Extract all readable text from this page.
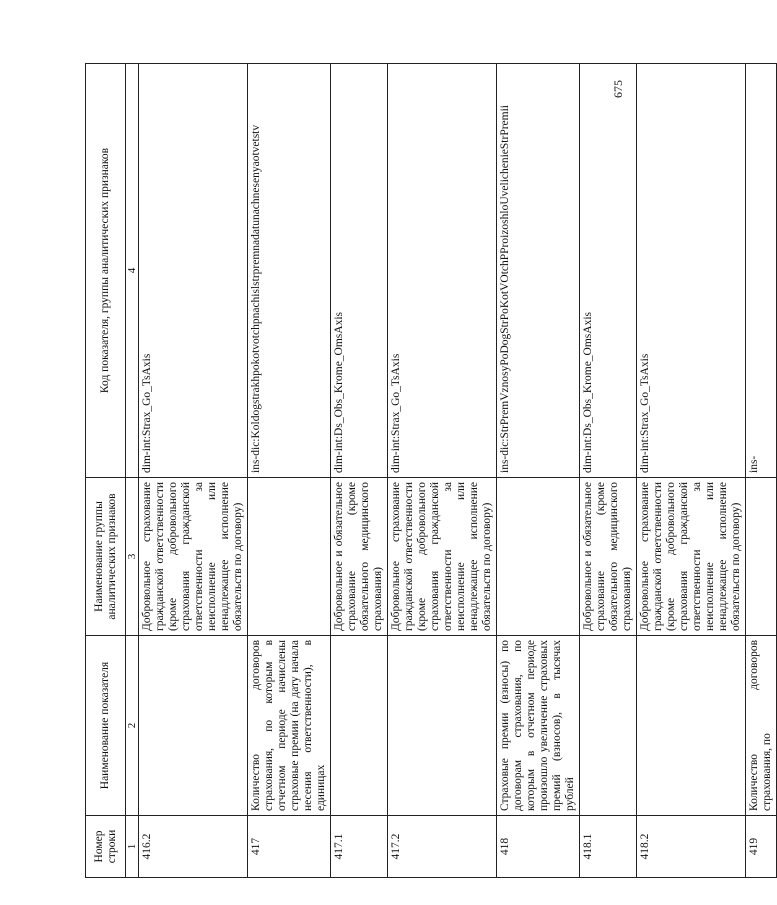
675
Номер строки	Наименование показателя	Наименование группы аналитических признаков	Код показателя, группы аналитических признаков
1	2	3	4
416.2		Добровольное страхование гражданской ответственности (кроме добровольного страхования гражданской ответственности за неисполнение или ненадлежащее исполнение обязательств по договору)	dim-int:Strax_Go_TsAxis
417	Количество договоров страхования, по которым в отчетном периоде начислены страховые премии (на дату начала несения ответственности), в единицах		ins-dic:Koldogstrakhpokotvotchpnachislstrpremnadatunachnesenyaotvetstv
417.1		Добровольное и обязательное страхование (кроме обязательного медицинского страхования)	dim-int:Ds_Obs_Krome_OmsAxis
417.2		Добровольное страхование гражданской ответственности (кроме добровольного страхования гражданской ответственности за неисполнение или ненадлежащее исполнение обязательств по договору)	dim-int:Strax_Go_TsAxis
418	Страховые премии (взносы) по договорам страхования, по которым в отчетном периоде произошло увеличение страховых премий (взносов), в тысячах рублей		ins-dic:StrPremVznosyPoDogStrPoKotVOtchPProizoshloUvelichenieStrPremii
418.1		Добровольное и обязательное страхование (кроме обязательного медицинского страхования)	dim-int:Ds_Obs_Krome_OmsAxis
418.2		Добровольное страхование гражданской ответственности (кроме добровольного страхования гражданской ответственности за неисполнение или ненадлежащее исполнение обязательств по договору)	dim-int:Strax_Go_TsAxis
419	Количество договоров страхования, по		ins-
